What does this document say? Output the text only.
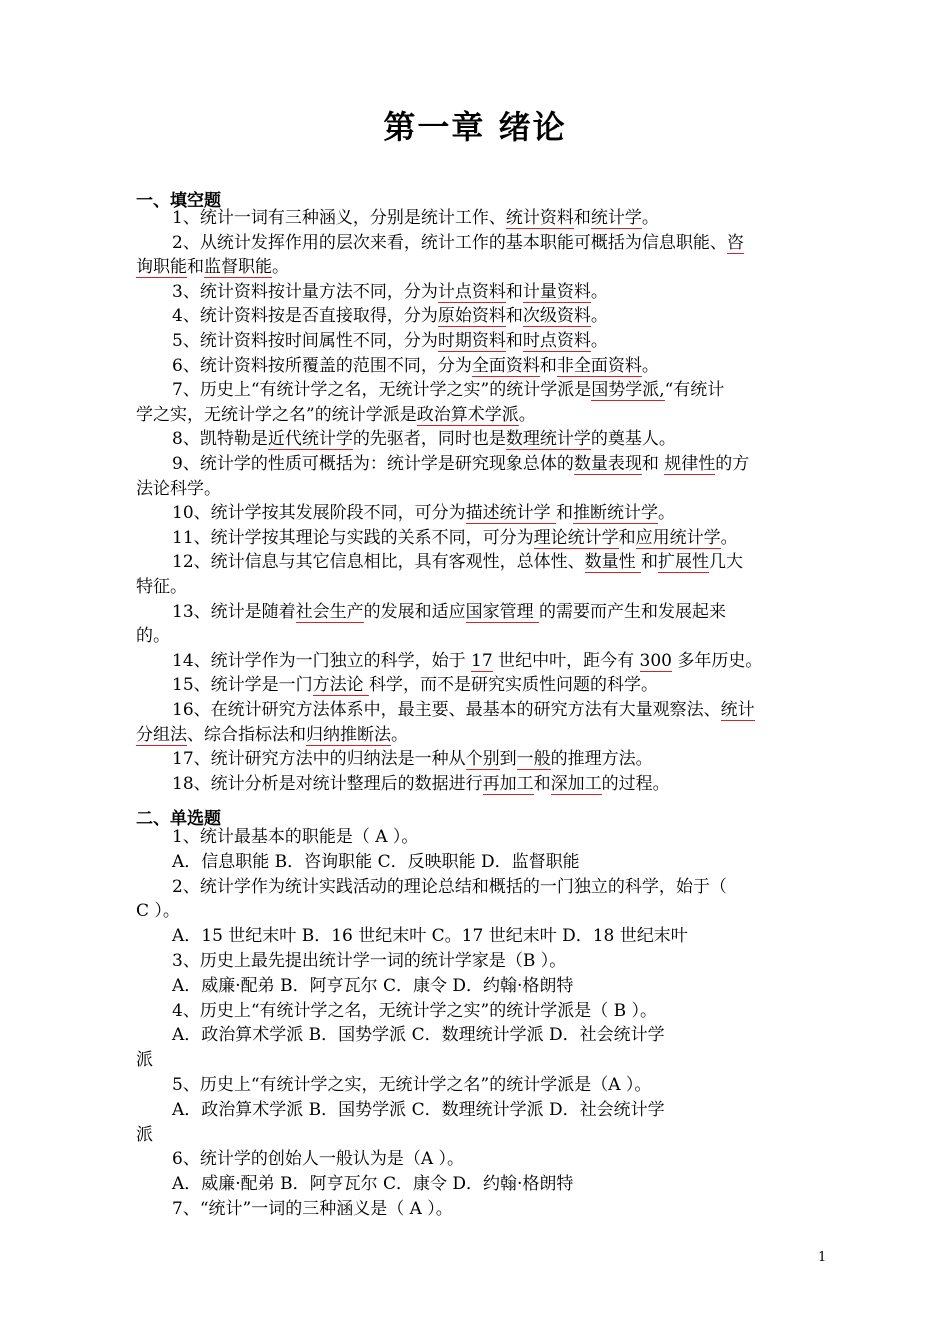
第一章 绪论
一、填空题
1、统计一词有三种涵义，分别是统计工作、统计资料和统计学。
2、从统计发挥作用的层次来看，统计工作的基本职能可概括为信息职能、咨
询职能和监督职能。
3、统计资料按计量方法不同，分为计点资料和计量资料。
4、统计资料按是否直接取得，分为原始资料和次级资料。
5、统计资料按时间属性不同，分为时期资料和时点资料。
6、统计资料按所覆盖的范围不同，分为全面资料和非全面资料。
7、历史上“有统计学之名，无统计学之实”的统计学派是国势学派,“有统计
学之实，无统计学之名”的统计学派是政治算术学派。
8、凯特勒是近代统计学的先驱者，同时也是数理统计学的奠基人。
9、统计学的性质可概括为：统计学是研究现象总体的数量表现和 规律性的方
法论科学。
10、统计学按其发展阶段不同，可分为描述统计学 和推断统计学。
11、统计学按其理论与实践的关系不同，可分为理论统计学和应用统计学。
12、统计信息与其它信息相比，具有客观性，总体性、数量性 和扩展性几大
特征。
13、统计是随着社会生产的发展和适应国家管理 的需要而产生和发展起来
的。
14、统计学作为一门独立的科学，始于 17 世纪中叶，距今有 300 多年历史。
15、统计学是一门方法论 科学，而不是研究实质性问题的科学。
16、在统计研究方法体系中，最主要、最基本的研究方法有大量观察法、统计
分组法、综合指标法和归纳推断法。
17、统计研究方法中的归纳法是一种从个别到一般的推理方法。
18、统计分析是对统计整理后的数据进行再加工和深加工的过程。
二、单选题
1、统计最基本的职能是（ A ）。
A．信息职能 B．咨询职能 C．反映职能 D．监督职能
2、统计学作为统计实践活动的理论总结和概括的一门独立的科学，始于（
C ）。
A．15 世纪末叶 B．16 世纪末叶 C。17 世纪末叶 D．18 世纪末叶
3、历史上最先提出统计学一词的统计学家是（B ）。
A．威廉·配弟 B．阿亨瓦尔 C．康令 D．约翰·格朗特
4、历史上“有统计学之名，无统计学之实”的统计学派是（ B ）。
A．政治算术学派 B．国势学派 C．数理统计学派 D．社会统计学
派
5、历史上“有统计学之实，无统计学之名”的统计学派是（A ）。
A．政治算术学派 B．国势学派 C．数理统计学派 D．社会统计学
派
6、统计学的创始人一般认为是（A ）。
A．威廉·配弟 B．阿亨瓦尔 C．康令 D．约翰·格朗特
7、“统计”一词的三种涵义是（ A ）。
1
